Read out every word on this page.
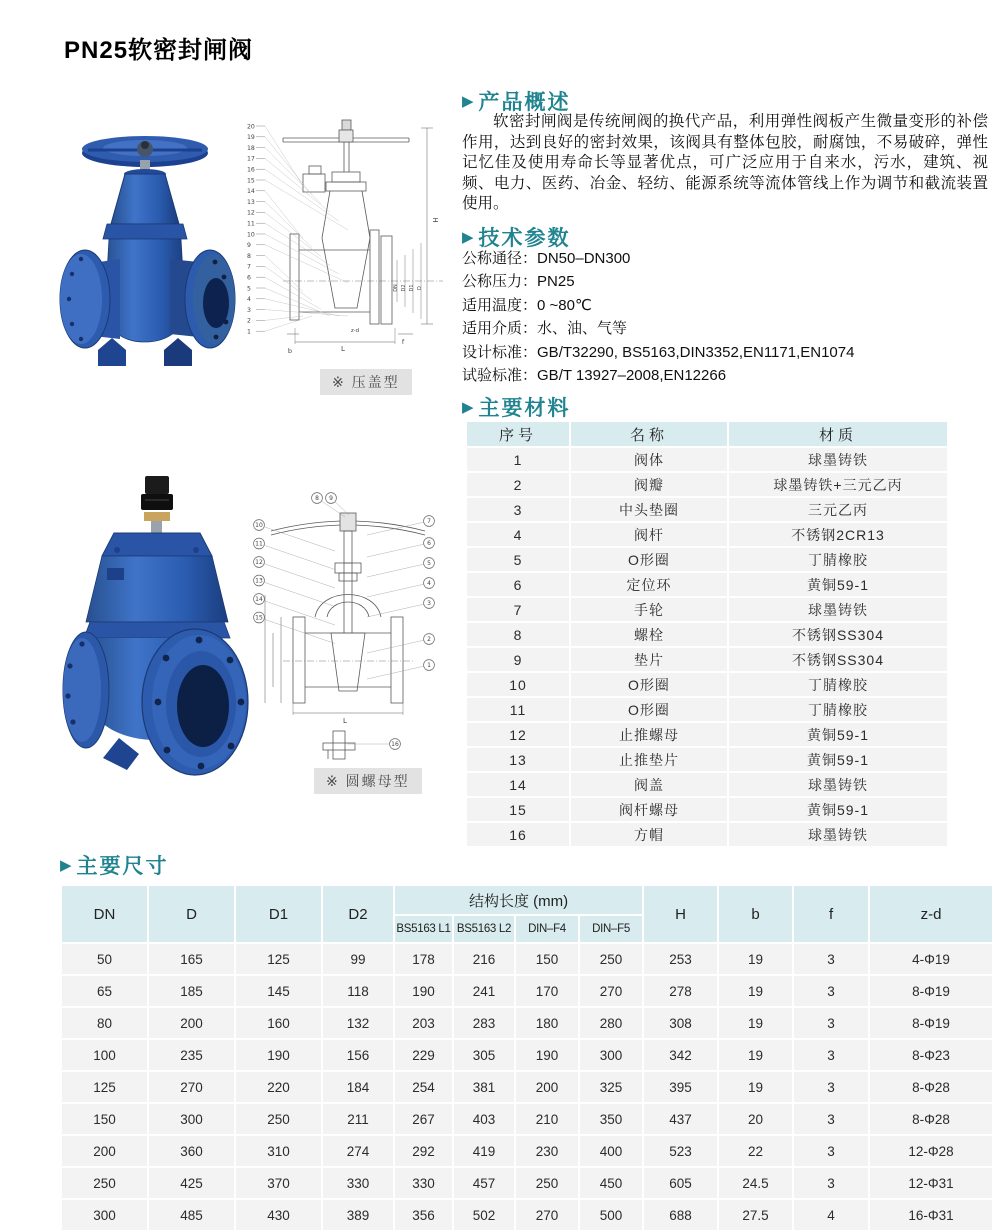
PN25软密封闸阀
20
19
18
17
16
15
14
13
12
11
10
9
8
7
6
5
4
3
2
1
H
L
b
f
z-d
DN D2 D1 D
※ 压盖型
8 9
10
11
12
13
14
15
7
6
5
4
3
2
1
16
L
※ 圆螺母型
▶ 产品概述
软密封闸阀是传统闸阀的换代产品，利用弹性阀板产生微量变形的补偿作用，达到良好的密封效果，该阀具有整体包胶，耐腐蚀，不易破碎，弹性记忆佳及使用寿命长等显著优点，可广泛应用于自来水，污水，建筑、视频、电力、医药、冶金、轻纺、能源系统等流体管线上作为调节和截流装置使用。
▶ 技术参数
公称通径：DN50–DN300
公称压力：PN25
适用温度：0 ~80℃
适用介质：水、油、气等
设计标准：GB/T32290, BS5163,DIN3352,EN1171,EN1074
试验标准：GB/T 13927–2008,EN12266
▶ 主要材料
序号	名称	材质
1	阀体	球墨铸铁
2	阀瓣	球墨铸铁+三元乙丙
3	中头垫圈	三元乙丙
4	阀杆	不锈钢2CR13
5	O形圈	丁腈橡胶
6	定位环	黄铜59-1
7	手轮	球墨铸铁
8	螺栓	不锈钢SS304
9	垫片	不锈钢SS304
10	O形圈	丁腈橡胶
11	O形圈	丁腈橡胶
12	止推螺母	黄铜59-1
13	止推垫片	黄铜59-1
14	阀盖	球墨铸铁
15	阀杆螺母	黄铜59-1
16	方帽	球墨铸铁
▶ 主要尺寸
DN	D	D1	D2	结构长度 (mm)				H	b	f	z-d
				BS5163 L1	BS5163 L2	DIN–F4	DIN–F5				
50	165	125	99	178	216	150	250	253	19	3	4-Φ19
65	185	145	118	190	241	170	270	278	19	3	8-Φ19
80	200	160	132	203	283	180	280	308	19	3	8-Φ19
100	235	190	156	229	305	190	300	342	19	3	8-Φ23
125	270	220	184	254	381	200	325	395	19	3	8-Φ28
150	300	250	211	267	403	210	350	437	20	3	8-Φ28
200	360	310	274	292	419	230	400	523	22	3	12-Φ28
250	425	370	330	330	457	250	450	605	24.5	3	12-Φ31
300	485	430	389	356	502	270	500	688	27.5	4	16-Φ31
